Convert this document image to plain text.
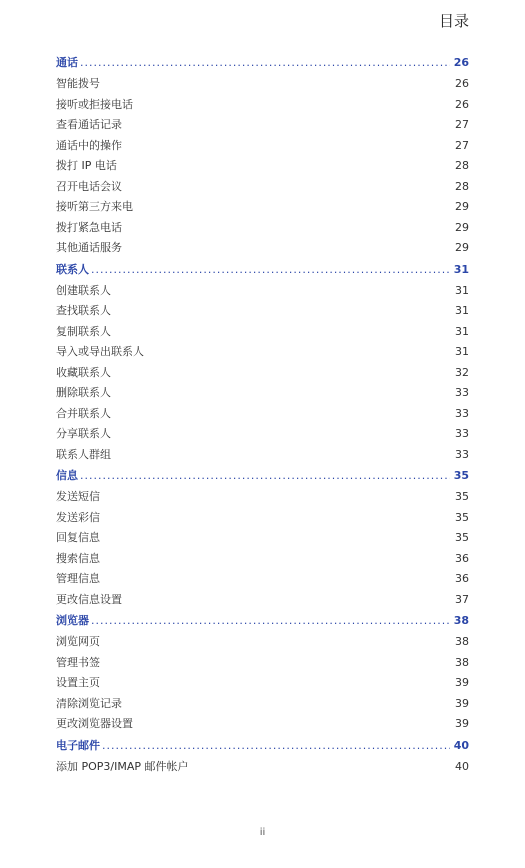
目录
通话 .....	26
智能拨号	26
接听或拒接电话	26
查看通话记录	27
通话中的操作	27
拨打 IP 电话	28
召开电话会议	28
接听第三方来电	29
拨打紧急电话	29
其他通话服务	29
联系人 .....	31
创建联系人	31
查找联系人	31
复制联系人	31
导入或导出联系人	31
收藏联系人	32
删除联系人	33
合并联系人	33
分享联系人	33
联系人群组	33
信息 .....	35
发送短信	35
发送彩信	35
回复信息	35
搜索信息	36
管理信息	36
更改信息设置	37
浏览器 .....	38
浏览网页	38
管理书签	38
设置主页	39
清除浏览记录	39
更改浏览器设置	39
电子邮件 .....	40
添加 POP3/IMAP 邮件帐户	40
ii
